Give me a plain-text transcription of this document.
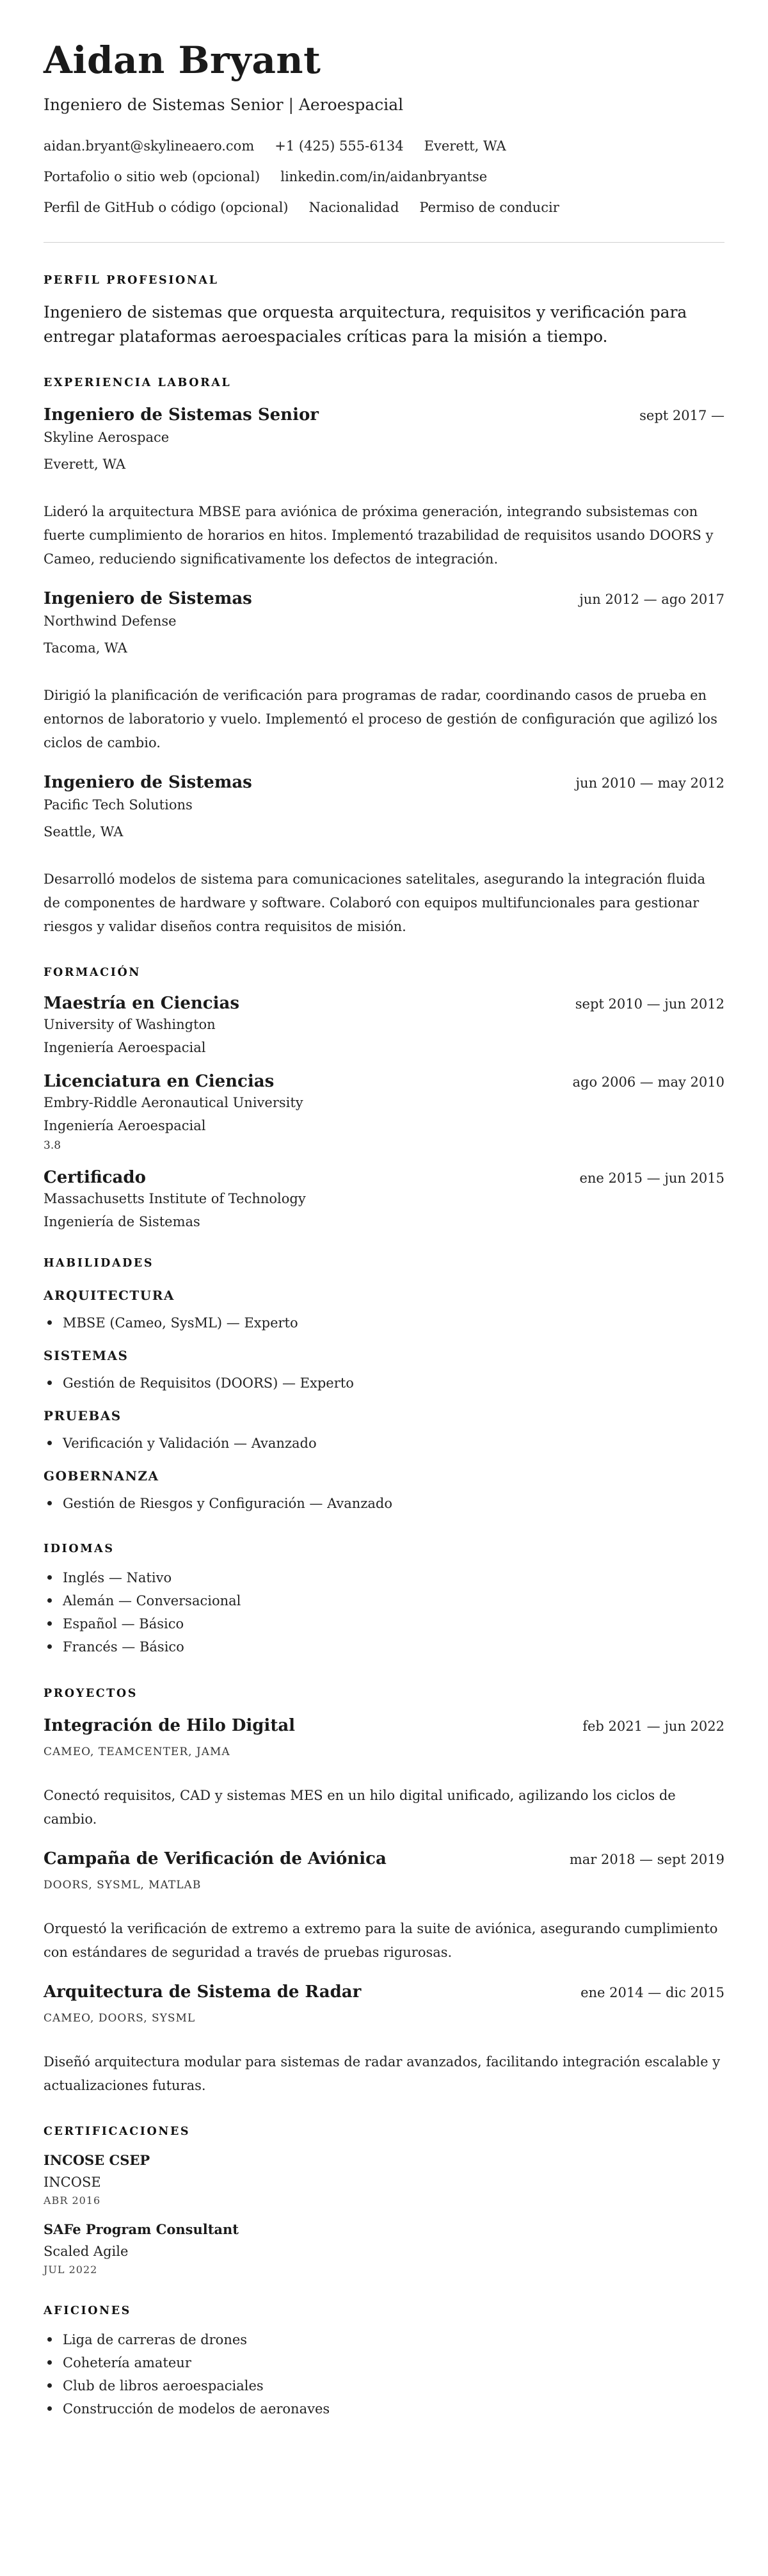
Aidan Bryant
Ingeniero de Sistemas Senior | Aeroespacial
aidan.bryant@skylineaero.com +1 (425) 555-6134 Everett, WA
Portafolio o sitio web (opcional) linkedin.com/in/aidanbryantse
Perfil de GitHub o código (opcional) Nacionalidad Permiso de conducir
PERFIL PROFESIONAL
Ingeniero de sistemas que orquesta arquitectura, requisitos y verificación para entregar plataformas aeroespaciales críticas para la misión a tiempo.
EXPERIENCIA LABORAL
Ingeniero de Sistemas Senior	sept 2017 —
Skyline Aerospace
Everett, WA
Lideró la arquitectura MBSE para aviónica de próxima generación, integrando subsistemas con fuerte cumplimiento de horarios en hitos. Implementó trazabilidad de requisitos usando DOORS y Cameo, reduciendo significativamente los defectos de integración.
Ingeniero de Sistemas	jun 2012 — ago 2017
Northwind Defense
Tacoma, WA
Dirigió la planificación de verificación para programas de radar, coordinando casos de prueba en entornos de laboratorio y vuelo. Implementó el proceso de gestión de configuración que agilizó los ciclos de cambio.
Ingeniero de Sistemas	jun 2010 — may 2012
Pacific Tech Solutions
Seattle, WA
Desarrolló modelos de sistema para comunicaciones satelitales, asegurando la integración fluida de componentes de hardware y software. Colaboró con equipos multifuncionales para gestionar riesgos y validar diseños contra requisitos de misión.
FORMACIÓN
Maestría en Ciencias	sept 2010 — jun 2012
University of Washington
Ingeniería Aeroespacial
Licenciatura en Ciencias	ago 2006 — may 2010
Embry-Riddle Aeronautical University
Ingeniería Aeroespacial
3.8
Certificado	ene 2015 — jun 2015
Massachusetts Institute of Technology
Ingeniería de Sistemas
HABILIDADES
ARQUITECTURA
MBSE (Cameo, SysML) — Experto
SISTEMAS
Gestión de Requisitos (DOORS) — Experto
PRUEBAS
Verificación y Validación — Avanzado
GOBERNANZA
Gestión de Riesgos y Configuración — Avanzado
IDIOMAS
Inglés — Nativo
Alemán — Conversacional
Español — Básico
Francés — Básico
PROYECTOS
Integración de Hilo Digital	feb 2021 — jun 2022
CAMEO, TEAMCENTER, JAMA
Conectó requisitos, CAD y sistemas MES en un hilo digital unificado, agilizando los ciclos de cambio.
Campaña de Verificación de Aviónica	mar 2018 — sept 2019
DOORS, SYSML, MATLAB
Orquestó la verificación de extremo a extremo para la suite de aviónica, asegurando cumplimiento con estándares de seguridad a través de pruebas rigurosas.
Arquitectura de Sistema de Radar	ene 2014 — dic 2015
CAMEO, DOORS, SYSML
Diseñó arquitectura modular para sistemas de radar avanzados, facilitando integración escalable y actualizaciones futuras.
CERTIFICACIONES
INCOSE CSEP
INCOSE
ABR 2016
SAFe Program Consultant
Scaled Agile
JUL 2022
AFICIONES
Liga de carreras de drones
Cohetería amateur
Club de libros aeroespaciales
Construcción de modelos de aeronaves
